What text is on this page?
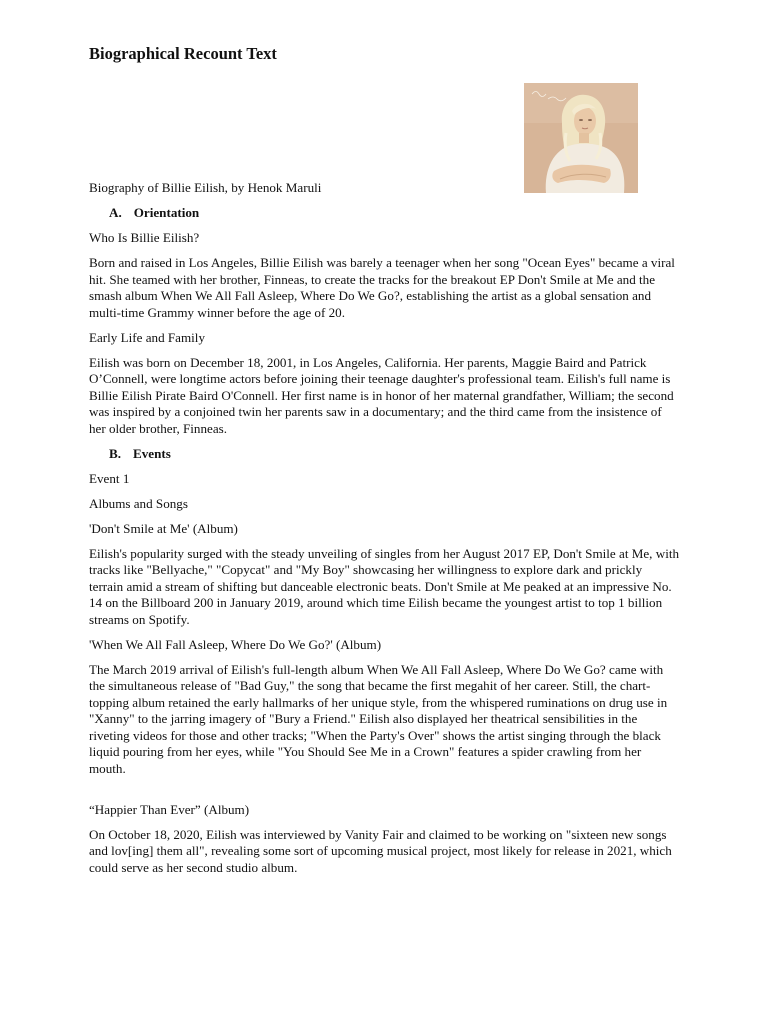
Biographical Recount Text

Biography of Billie Eilish, by Henok Maruli

A. Orientation

Who Is Billie Eilish?

Born and raised in Los Angeles, Billie Eilish was barely a teenager when her song "Ocean Eyes" became a viral hit. She teamed with her brother, Finneas, to create the tracks for the breakout EP Don't Smile at Me and the smash album When We All Fall Asleep, Where Do We Go?, establishing the artist as a global sensation and multi-time Grammy winner before the age of 20.

Early Life and Family

Eilish was born on December 18, 2001, in Los Angeles, California. Her parents, Maggie Baird and Patrick O’Connell, were longtime actors before joining their teenage daughter's professional team. Eilish's full name is Billie Eilish Pirate Baird O'Connell. Her first name is in honor of her maternal grandfather, William; the second was inspired by a conjoined twin her parents saw in a documentary; and the third came from the insistence of her older brother, Finneas.

B. Events

Event 1

Albums and Songs

'Don't Smile at Me' (Album)

Eilish's popularity surged with the steady unveiling of singles from her August 2017 EP, Don't Smile at Me, with tracks like "Bellyache," "Copycat" and "My Boy" showcasing her willingness to explore dark and prickly terrain amid a stream of shifting but danceable electronic beats. Don't Smile at Me peaked at an impressive No. 14 on the Billboard 200 in January 2019, around which time Eilish became the youngest artist to top 1 billion streams on Spotify.

'When We All Fall Asleep, Where Do We Go?' (Album)

The March 2019 arrival of Eilish's full-length album When We All Fall Asleep, Where Do We Go? came with the simultaneous release of "Bad Guy," the song that became the first megahit of her career. Still, the chart-topping album retained the early hallmarks of her unique style, from the whispered ruminations on drug use in "Xanny" to the jarring imagery of "Bury a Friend." Eilish also displayed her theatrical sensibilities in the riveting videos for those and other tracks; "When the Party's Over" shows the artist singing through the black liquid pouring from her eyes, while "You Should See Me in a Crown" features a spider crawling from her mouth.

“Happier Than Ever” (Album)

On October 18, 2020, Eilish was interviewed by Vanity Fair and claimed to be working on "sixteen new songs and lov[ing] them all", revealing some sort of upcoming musical project, most likely for release in 2021, which could serve as her second studio album.
